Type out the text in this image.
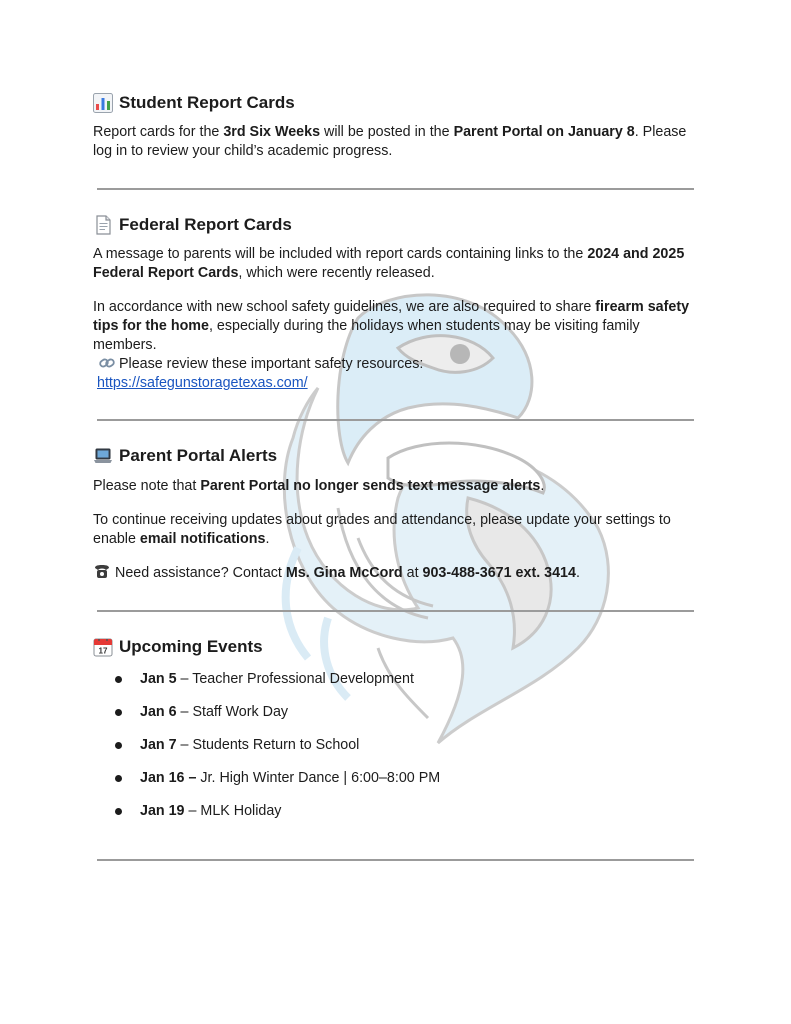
Student Report Cards

Report cards for the 3rd Six Weeks will be posted in the Parent Portal on January 8. Please log in to review your child’s academic progress.

Federal Report Cards

A message to parents will be included with report cards containing links to the 2024 and 2025 Federal Report Cards, which were recently released.

In accordance with new school safety guidelines, we are also required to share firearm safety tips for the home, especially during the holidays when students may be visiting family members.

Please review these important safety resources:

https://safegunstoragetexas.com/

Parent Portal Alerts

Please note that Parent Portal no longer sends text message alerts.

To continue receiving updates about grades and attendance, please update your settings to enable email notifications.

Need assistance? Contact Ms. Gina McCord at 903-488-3671 ext. 3414.

17 Upcoming Events
Jan 5 – Teacher Professional Development
Jan 6 – Staff Work Day
Jan 7 – Students Return to School
Jan 16 – Jr. High Winter Dance | 6:00–8:00 PM
Jan 19 – MLK Holiday
